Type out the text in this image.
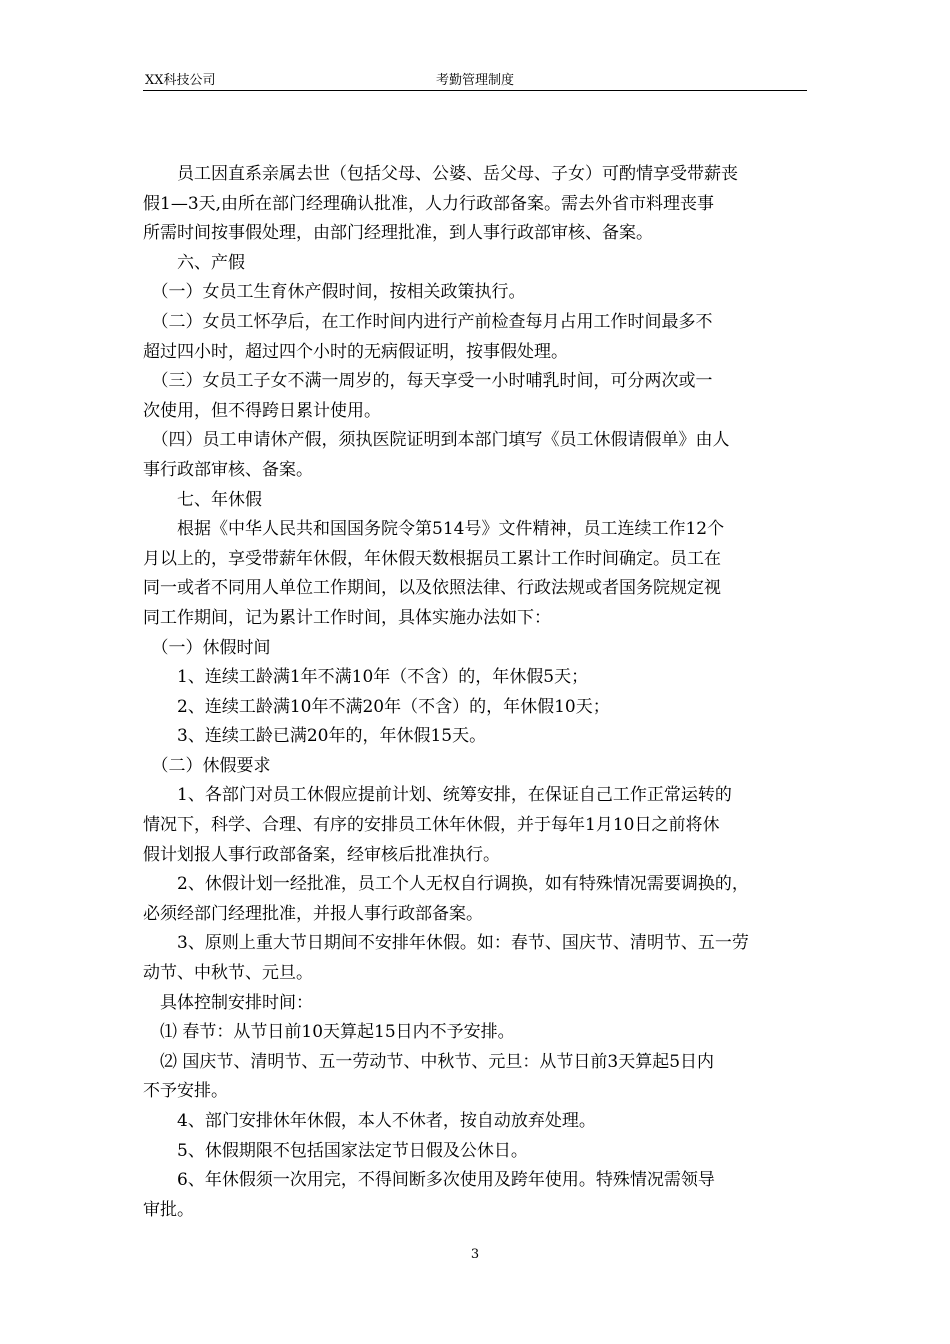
XX科技公司	考勤管理制度

　　员工因直系亲属去世（包括父母、公婆、岳父母、子女）可酌情享受带薪丧

假1—3天,由所在部门经理确认批准，人力行政部备案。需去外省市料理丧事

所需时间按事假处理，由部门经理批准，到人事行政部审核、备案。

　　六、产假

　（一）女员工生育休产假时间，按相关政策执行。

　（二）女员工怀孕后，在工作时间内进行产前检查每月占用工作时间最多不

超过四小时，超过四个小时的无病假证明，按事假处理。

　（三）女员工子女不满一周岁的，每天享受一小时哺乳时间，可分两次或一

次使用，但不得跨日累计使用。

　（四）员工申请休产假，须执医院证明到本部门填写《员工休假请假单》由人

事行政部审核、备案。

　　七、年休假

　　根据《中华人民共和国国务院令第514号》文件精神，员工连续工作12个

月以上的，享受带薪年休假，年休假天数根据员工累计工作时间确定。员工在

同一或者不同用人单位工作期间，以及依照法律、行政法规或者国务院规定视

同工作期间，记为累计工作时间，具体实施办法如下：

　（一）休假时间

　　1、连续工龄满1年不满10年（不含）的，年休假5天；

　　2、连续工龄满10年不满20年（不含）的，年休假10天；

　　3、连续工龄已满20年的，年休假15天。

　（二）休假要求

　　1、各部门对员工休假应提前计划、统筹安排，在保证自己工作正常运转的

情况下，科学、合理、有序的安排员工休年休假，并于每年1月10日之前将休

假计划报人事行政部备案，经审核后批准执行。

　　2、休假计划一经批准，员工个人无权自行调换，如有特殊情况需要调换的，

必须经部门经理批准，并报人事行政部备案。

　　3、原则上重大节日期间不安排年休假。如：春节、国庆节、清明节、五一劳

动节、中秋节、元旦。

　具体控制安排时间：

　⑴ 春节：从节日前10天算起15日内不予安排。

　⑵ 国庆节、清明节、五一劳动节、中秋节、元旦：从节日前3天算起5日内

不予安排。

　　4、部门安排休年休假，本人不休者，按自动放弃处理。

　　5、休假期限不包括国家法定节日假及公休日。

　　6、年休假须一次用完，不得间断多次使用及跨年使用。特殊情况需领导

审批。

3
